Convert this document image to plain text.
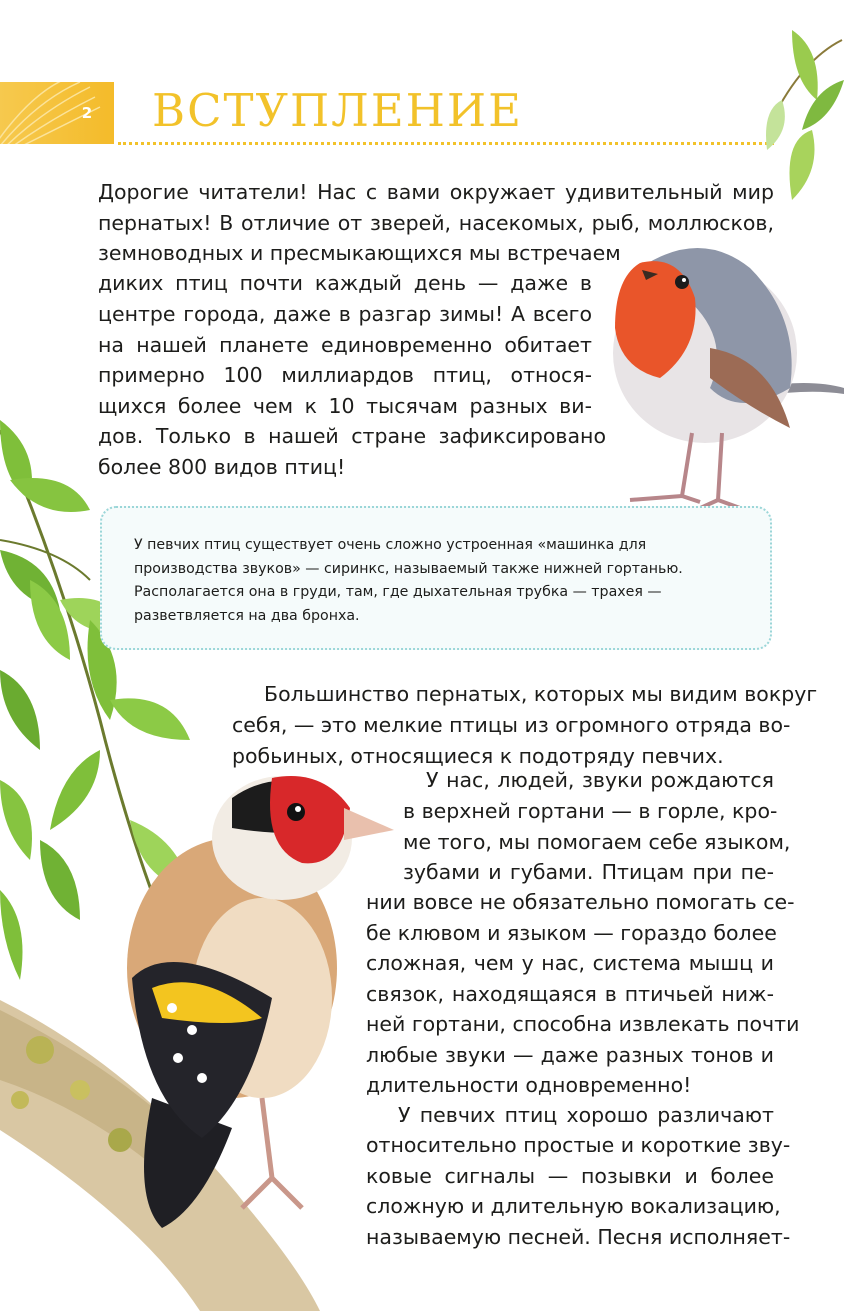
2 ВСТУПЛЕНИЕ
Дорогие читатели! Нас с вами окружает удивительный мир
пернатых! В отличие от зверей, насекомых, рыб, моллюсков,
земноводных и пресмыкающихся мы встречаем
диких птиц почти каждый день — даже в
центре города, даже в разгар зимы! А всего
на нашей планете единовременно обитает
примерно 100 миллиардов птиц, относя-
щихся более чем к 10 тысячам разных ви-
дов. Только в нашей стране зафиксировано
более 800 видов птиц!
У певчих птиц существует очень сложно устроенная «машинка для
производства звуков» — сиринкс, называемый также нижней гортанью.
Располагается она в груди, там, где дыхательная трубка — трахея —
разветвляется на два бронха.
Большинство пернатых, которых мы видим вокруг
себя, — это мелкие птицы из огромного отряда во-
робьиных, относящиеся к подотряду певчих.
У нас, людей, звуки рождаются
в верхней гортани — в горле, кро-
ме того, мы помогаем себе языком,
зубами и губами. Птицам при пе-
нии вовсе не обязательно помогать се-
бе клювом и языком — гораздо более
сложная, чем у нас, система мышц и
связок, находящаяся в птичьей ниж-
ней гортани, способна извлекать почти
любые звуки — даже разных тонов и
длительности одновременно!
У певчих птиц хорошо различают
относительно простые и короткие зву-
ковые сигналы — позывки и более
сложную и длительную вокализацию,
называемую песней. Песня исполняет-
